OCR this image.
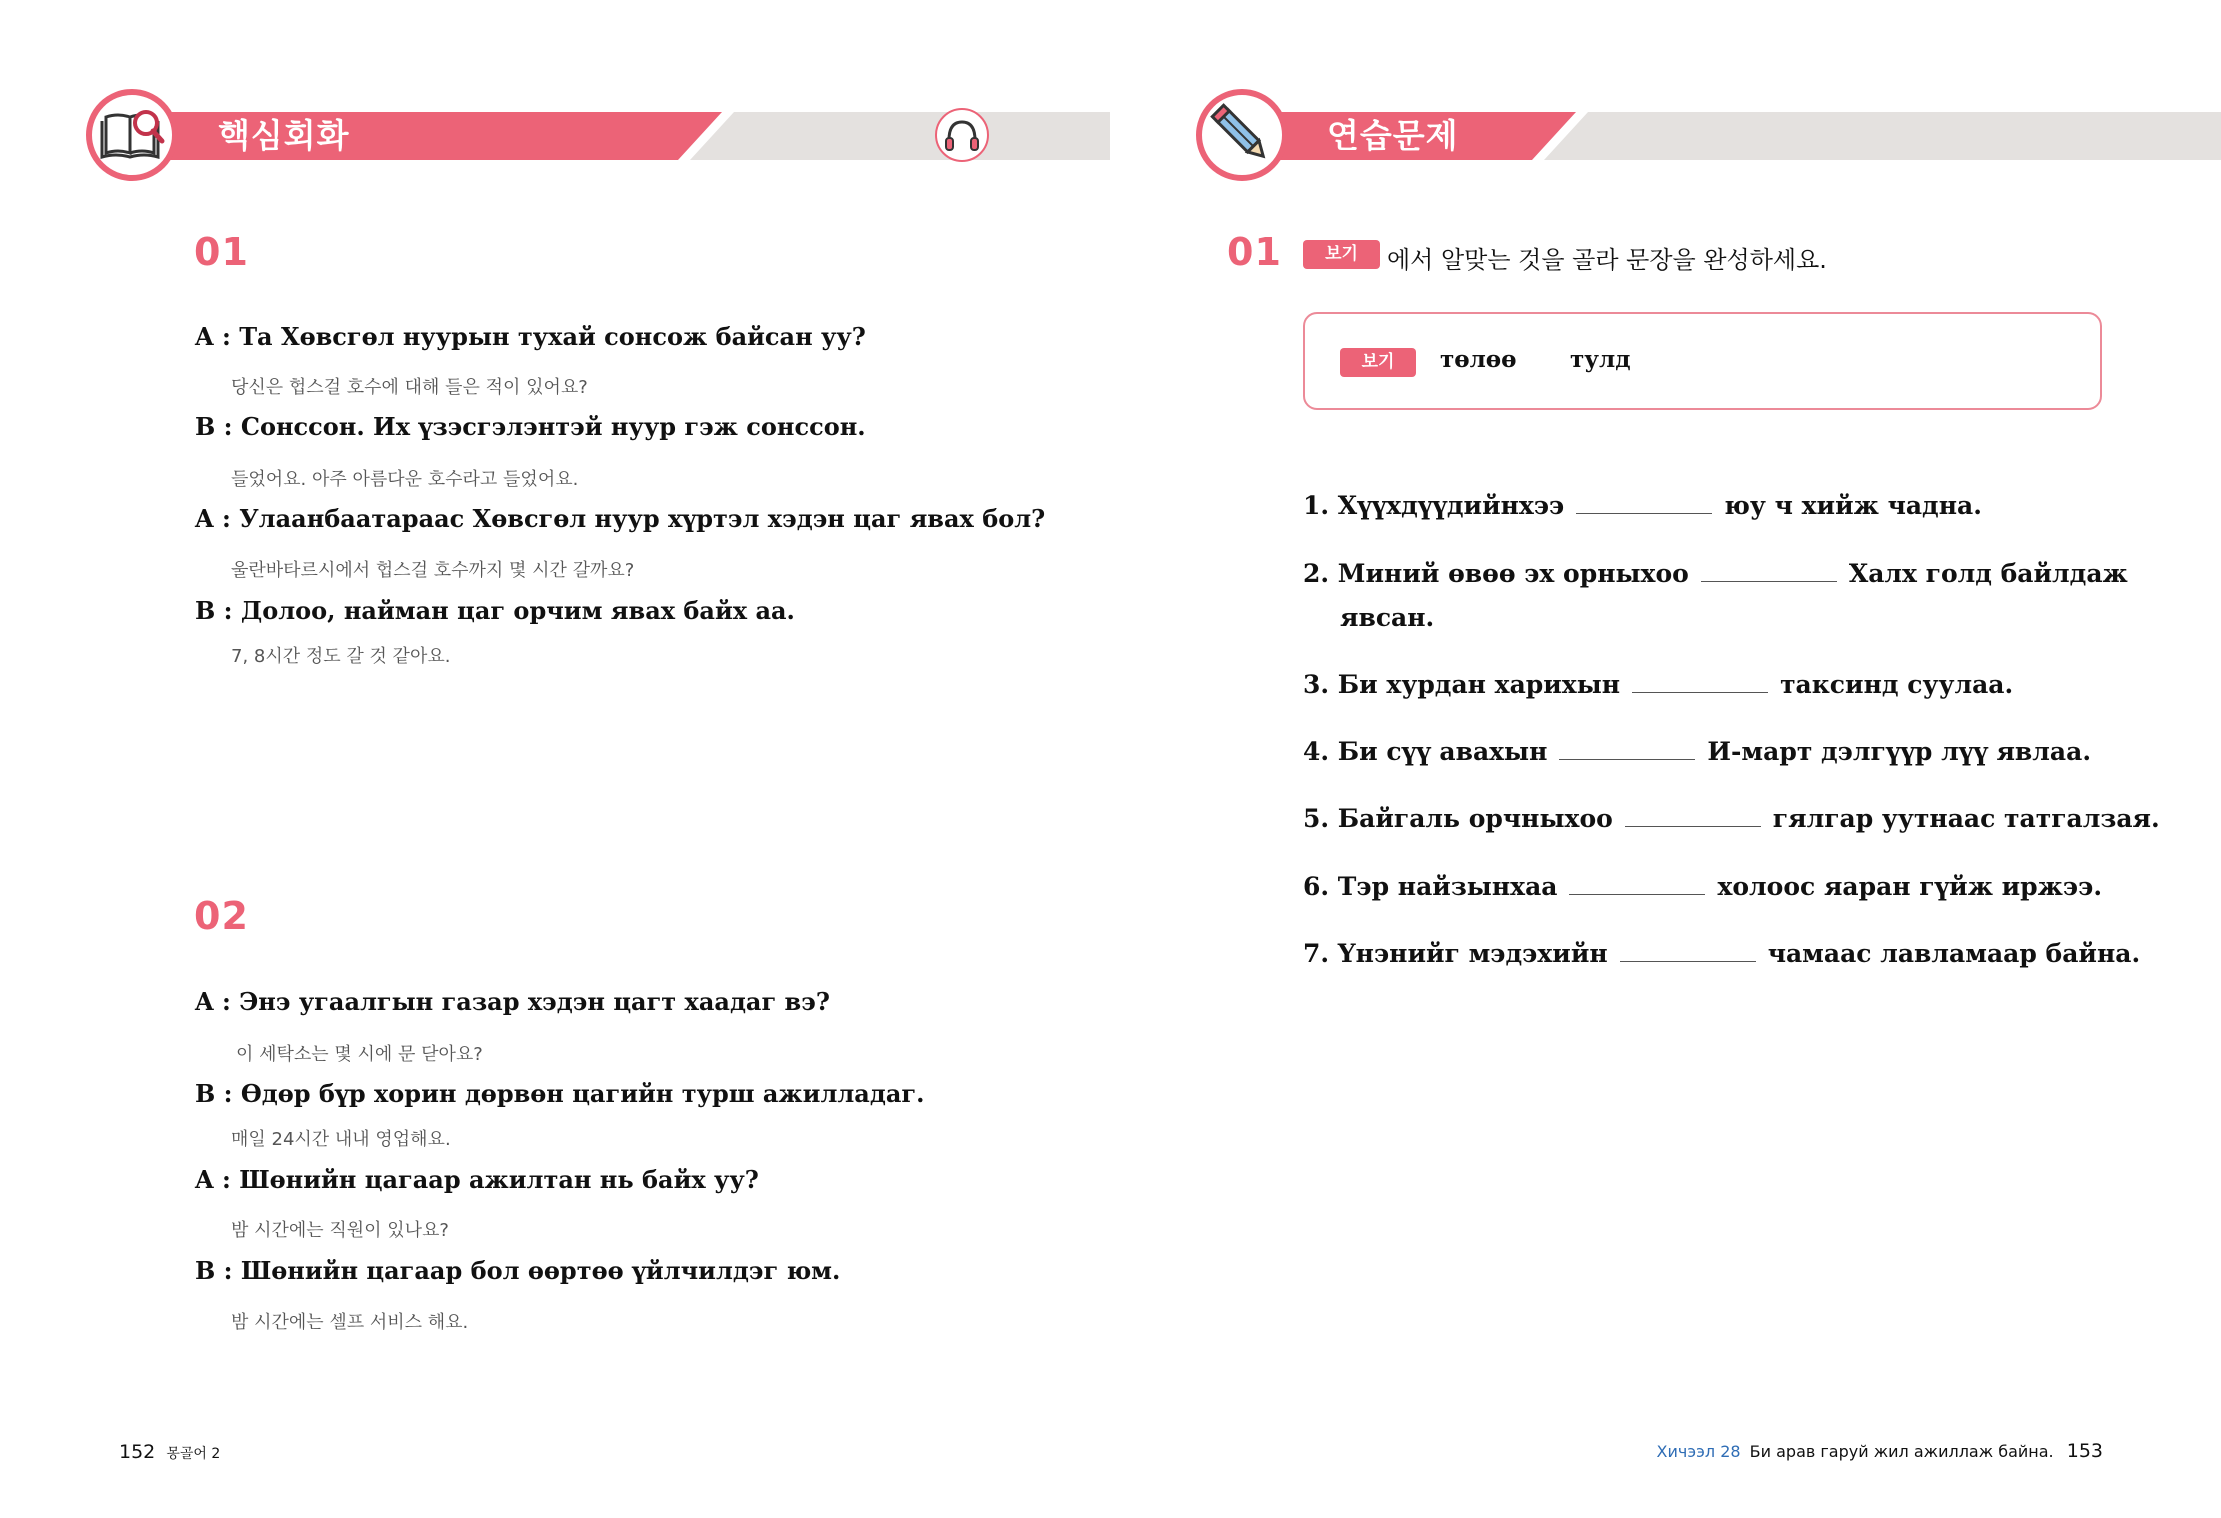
핵심회화
01
A : Та Хөвсгөл нуурын тухай сонсож байсан уу?
당신은 헙스걸 호수에 대해 들은 적이 있어요?
B : Сонссон. Их үзэсгэлэнтэй нуур гэж сонссон.
들었어요. 아주 아름다운 호수라고 들었어요.
A : Улаанбаатараас Хөвсгөл нуур хүртэл хэдэн цаг явах бол?
울란바타르시에서 헙스걸 호수까지 몇 시간 갈까요?
B : Долоо, найман цаг орчим явах байх аа.
7, 8시간 정도 갈 것 같아요.
02
A : Энэ угаалгын газар хэдэн цагт хаадаг вэ?
이 세탁소는 몇 시에 문 닫아요?
B : Өдөр бүр хорин дөрвөн цагийн турш ажилладаг.
매일 24시간 내내 영업해요.
A : Шөнийн цагаар ажилтан нь байх уу?
밤 시간에는 직원이 있나요?
B : Шөнийн цагаар бол өөртөө үйлчилдэг юм.
밤 시간에는 셀프 서비스 해요.
152 몽골어 2
연습문제
01	보기	에서 알맞는 것을 골라 문장을 완성하세요.
보기	төлөө тулд
1. Хүүхдүүдийнхээ	юу ч хийж чадна.
2. Миний өвөө эх орныхоо	Халх голд байлдаж
явсан.
3. Би хурдан харихын	таксинд суулаа.
4. Би сүү авахын	И-март дэлгүүр лүү явлаа.
5. Байгаль орчныхоо	гялгар уутнаас татгалзая.
6. Тэр найзынхаа	холоос яаран гүйж иржээ.
7. Үнэнийг мэдэхийн	чамаас лавламаар байна.
Хичээл 28 Би арав гаруй жил ажиллаж байна. 153
